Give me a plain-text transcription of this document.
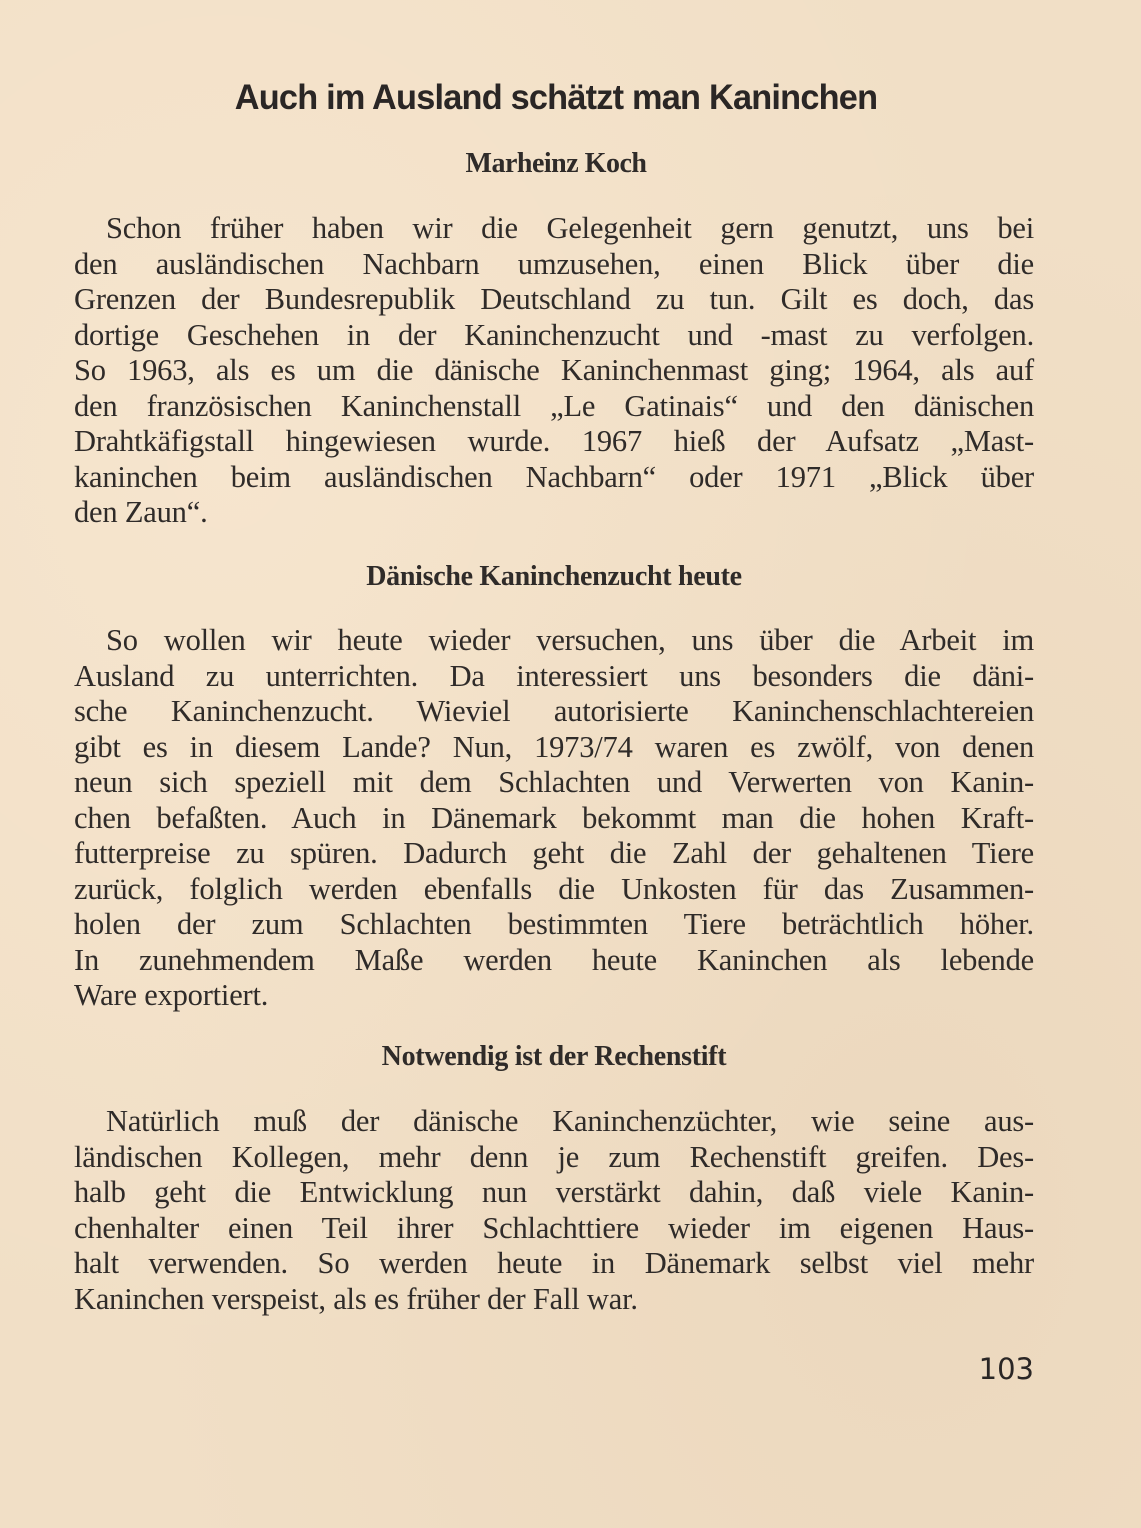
Auch im Ausland schätzt man Kaninchen
Marheinz Koch
Schon früher haben wir die Gelegenheit gern genutzt, uns bei
den ausländischen Nachbarn umzusehen, einen Blick über die
Grenzen der Bundesrepublik Deutschland zu tun. Gilt es doch, das
dortige Geschehen in der Kaninchenzucht und -mast zu verfolgen.
So 1963, als es um die dänische Kaninchenmast ging; 1964, als auf
den französischen Kaninchenstall „Le Gatinais“ und den dänischen
Drahtkäfigstall hingewiesen wurde. 1967 hieß der Aufsatz „Mast-
kaninchen beim ausländischen Nachbarn“ oder 1971 „Blick über
den Zaun“.
Dänische Kaninchenzucht heute
So wollen wir heute wieder versuchen, uns über die Arbeit im
Ausland zu unterrichten. Da interessiert uns besonders die däni-
sche Kaninchenzucht. Wieviel autorisierte Kaninchenschlachtereien
gibt es in diesem Lande? Nun, 1973/74 waren es zwölf, von denen
neun sich speziell mit dem Schlachten und Verwerten von Kanin-
chen befaßten. Auch in Dänemark bekommt man die hohen Kraft-
futterpreise zu spüren. Dadurch geht die Zahl der gehaltenen Tiere
zurück, folglich werden ebenfalls die Unkosten für das Zusammen-
holen der zum Schlachten bestimmten Tiere beträchtlich höher.
In zunehmendem Maße werden heute Kaninchen als lebende
Ware exportiert.
Notwendig ist der Rechenstift
Natürlich muß der dänische Kaninchenzüchter, wie seine aus-
ländischen Kollegen, mehr denn je zum Rechenstift greifen. Des-
halb geht die Entwicklung nun verstärkt dahin, daß viele Kanin-
chenhalter einen Teil ihrer Schlachttiere wieder im eigenen Haus-
halt verwenden. So werden heute in Dänemark selbst viel mehr
Kaninchen verspeist, als es früher der Fall war.
103
